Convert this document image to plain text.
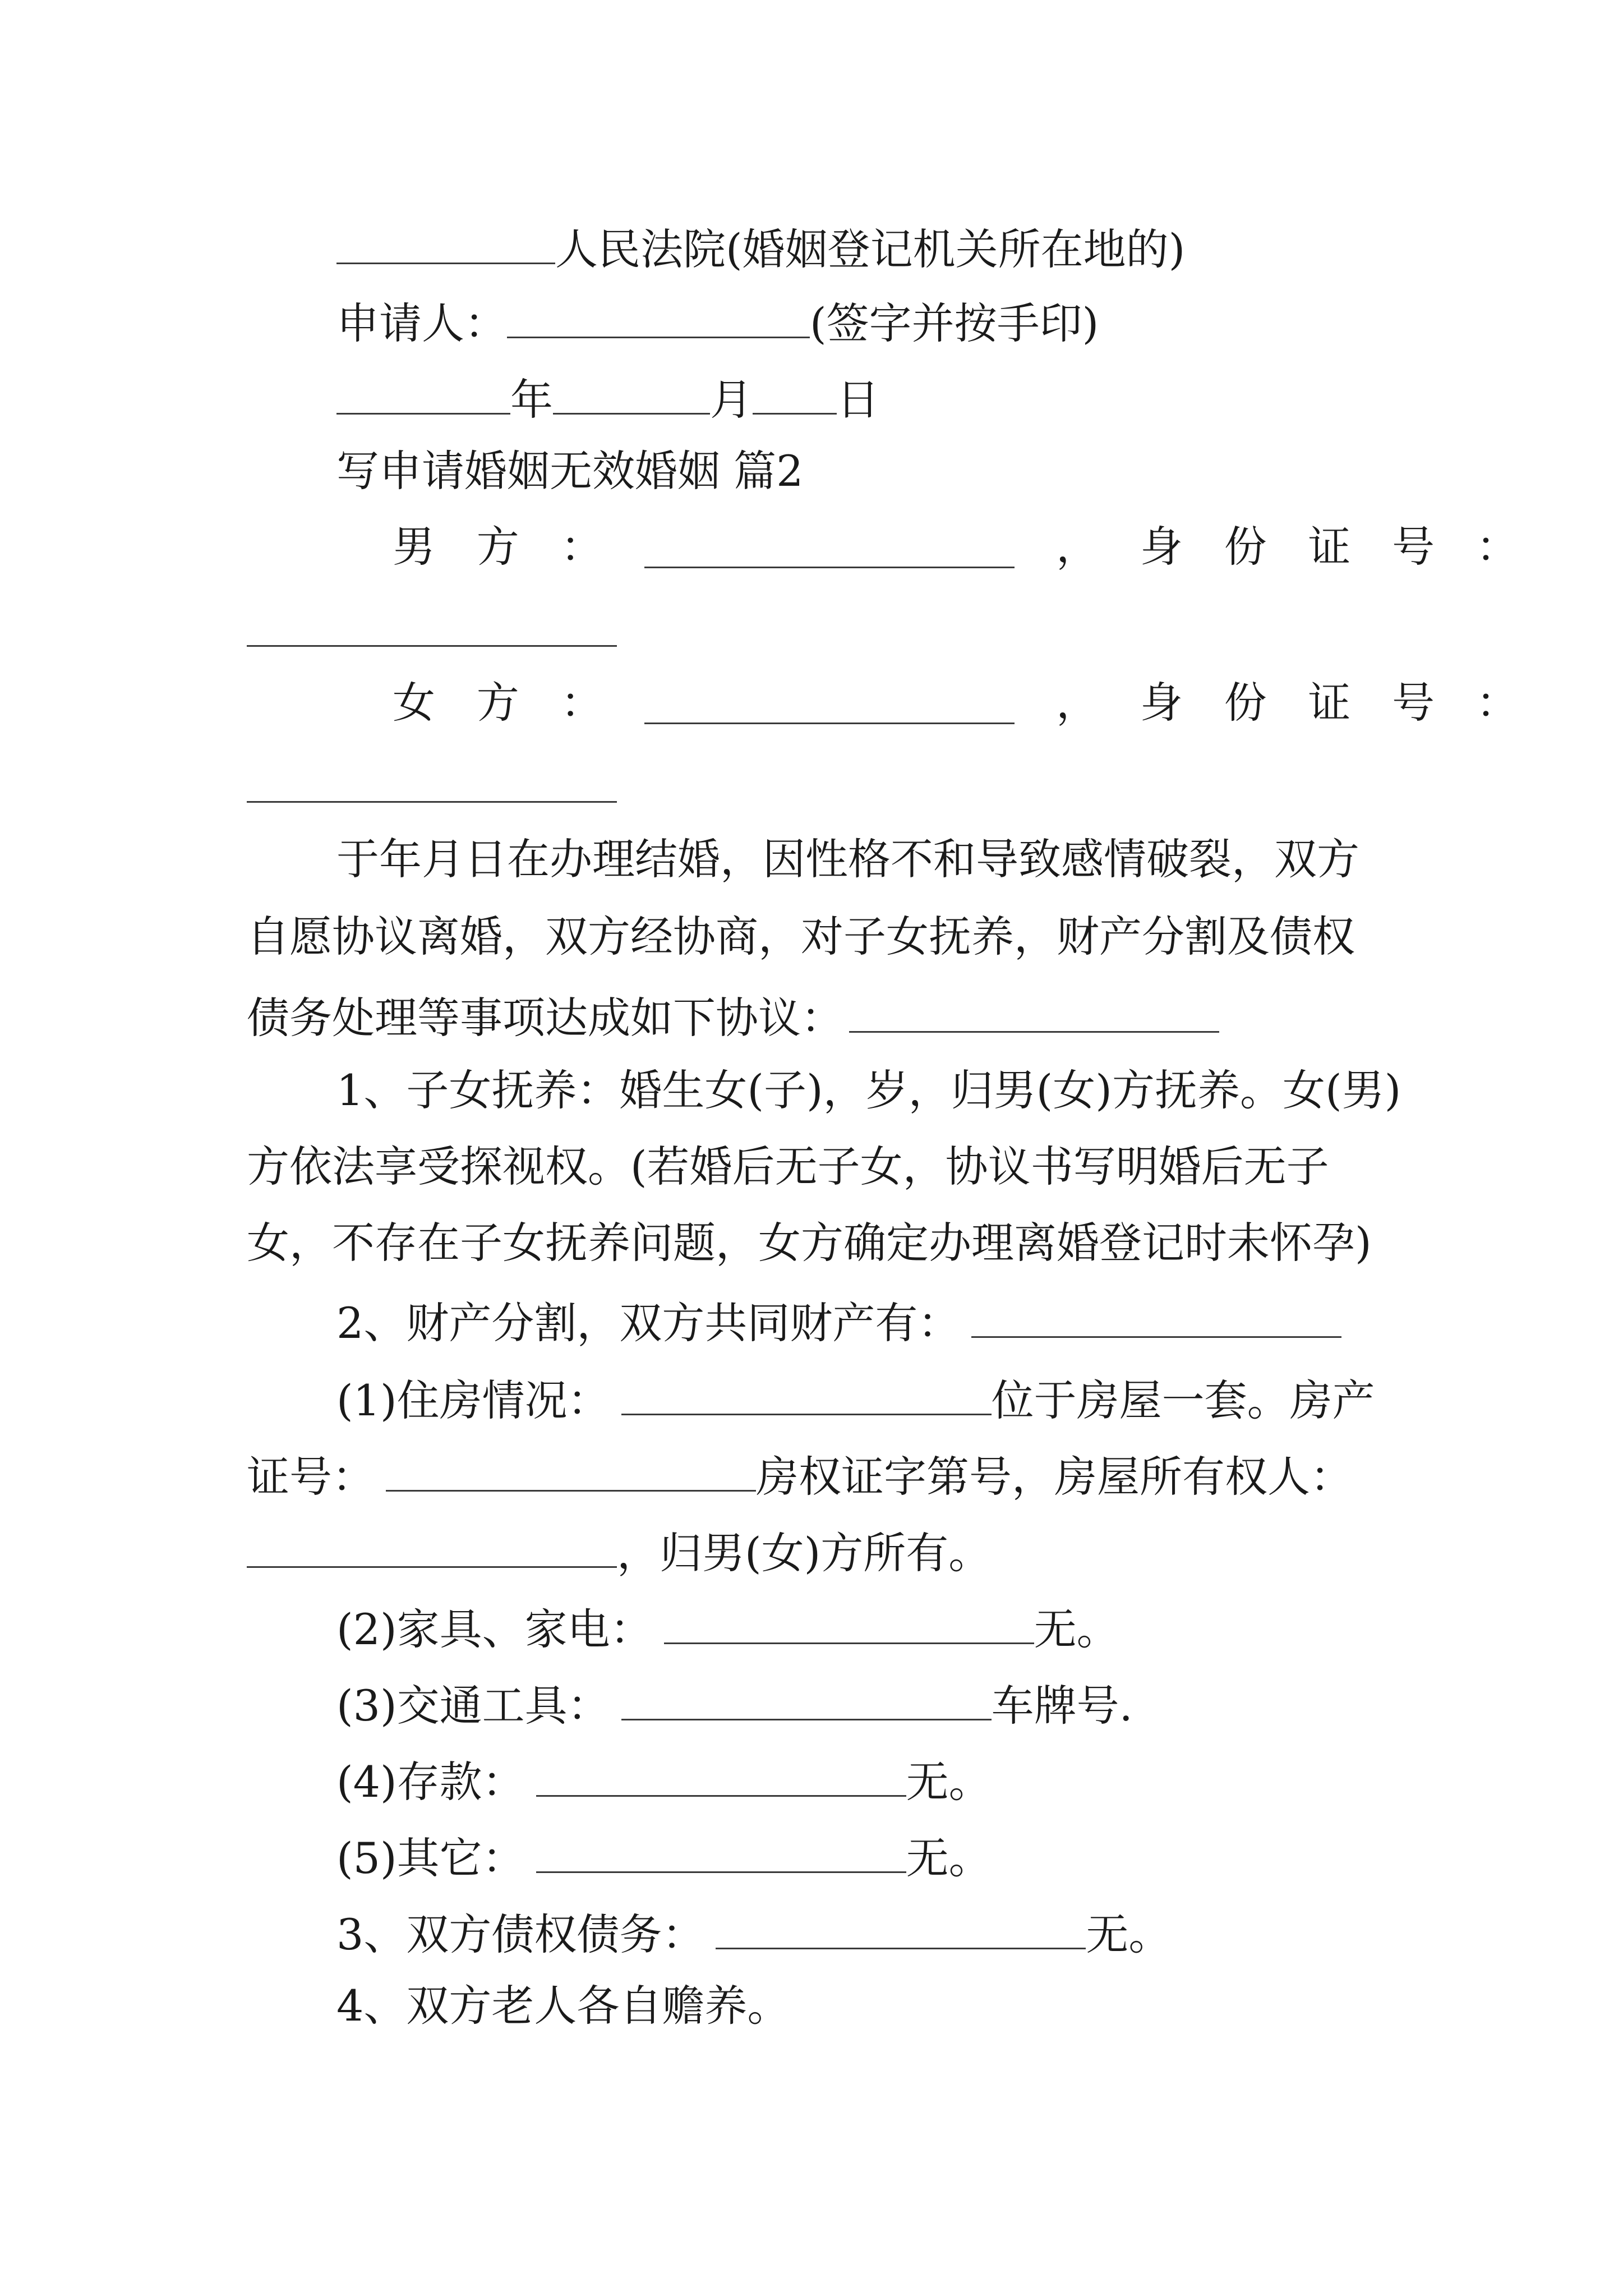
人民法院(婚姻登记机关所在地的)
申请人：	(签字并按手印)
年	月 日
写申请婚姻无效婚姻 篇2
男 方 ：	， 身 份 证 号 ：
女 方 ：	， 身 份 证 号 ：
于年月日在办理结婚，因性格不和导致感情破裂，双方
自愿协议离婚，双方经协商，对子女抚养，财产分割及债权
债务处理等事项达成如下协议：
1、子女抚养：婚生女(子)，岁，归男(女)方抚养。女(男)
方依法享受探视权。(若婚后无子女，协议书写明婚后无子
女，不存在子女抚养问题，女方确定办理离婚登记时未怀孕)
2、财产分割，双方共同财产有：
(1)住房情况：	位于房屋一套。房产
证号：	房权证字第号，房屋所有权人：
，归男(女)方所有。
(2)家具、家电：	无。
(3)交通工具：	车牌号.
(4)存款：	无。
(5)其它：	无。
3、双方债权债务：	无。
4、双方老人各自赡养。
